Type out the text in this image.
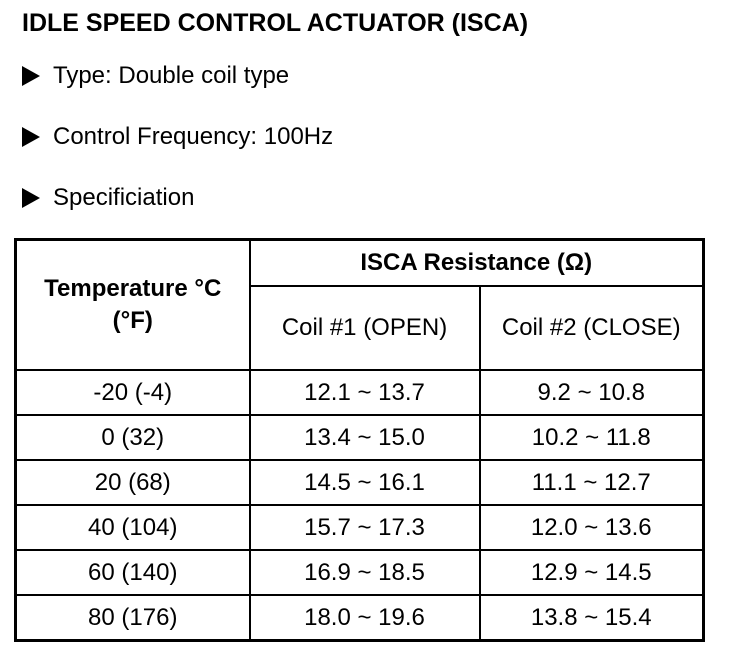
IDLE SPEED CONTROL ACTUATOR (ISCA)
Type: Double coil type
Control Frequency: 100Hz
Specificiation
Temperature °C
(°F)	ISCA Resistance (Ω)	
	Coil #1 (OPEN)	Coil #2 (CLOSE)
-20 (-4)	12.1 ~ 13.7	9.2 ~ 10.8
0 (32)	13.4 ~ 15.0	10.2 ~ 11.8
20 (68)	14.5 ~ 16.1	11.1 ~ 12.7
40 (104)	15.7 ~ 17.3	12.0 ~ 13.6
60 (140)	16.9 ~ 18.5	12.9 ~ 14.5
80 (176)	18.0 ~ 19.6	13.8 ~ 15.4
